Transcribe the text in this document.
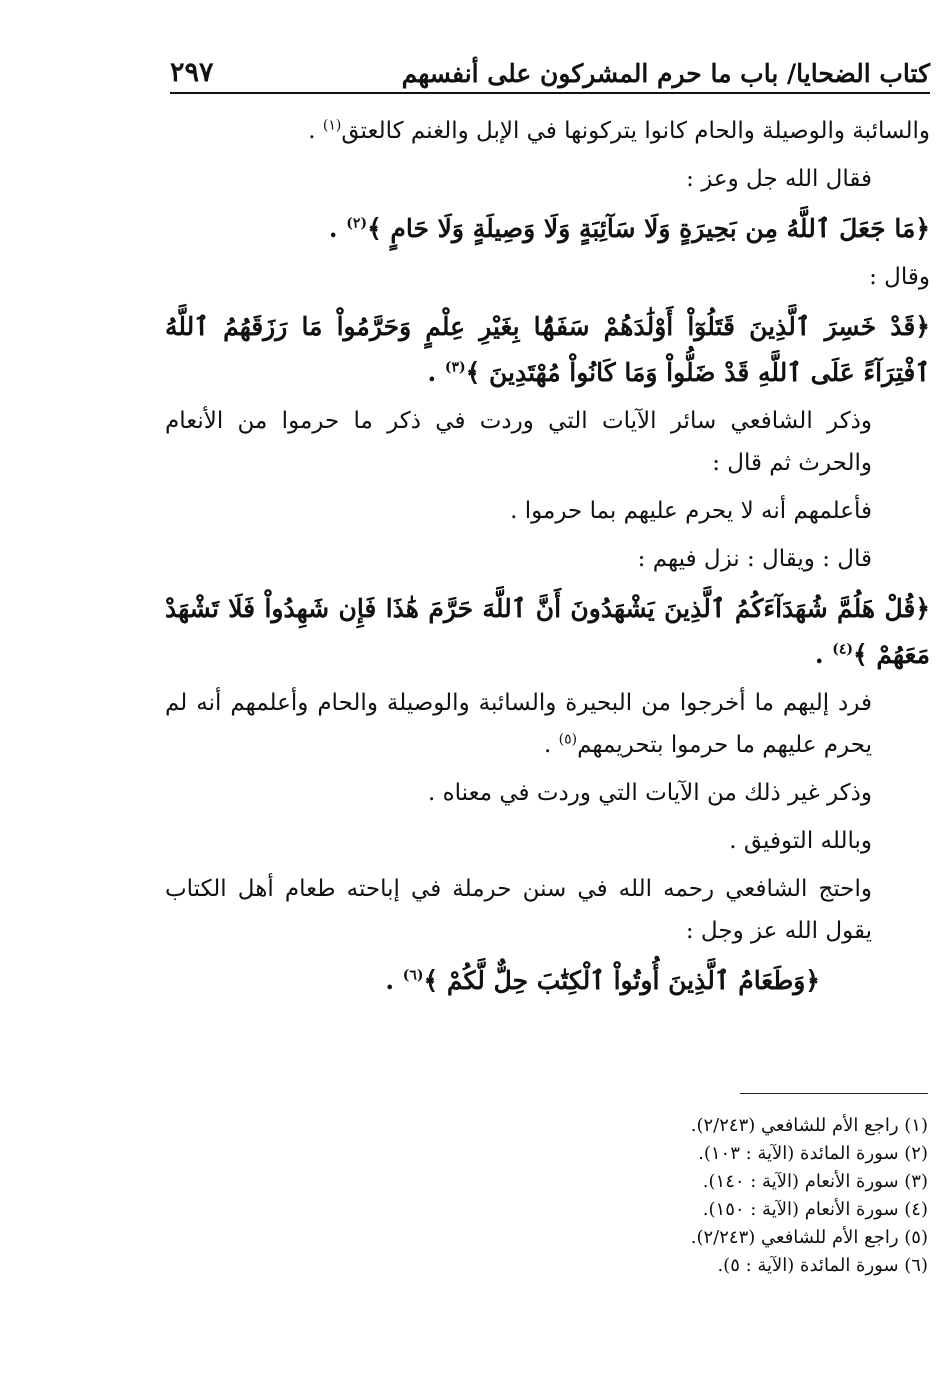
كتاب الضحايا/ باب ما حرم المشركون على أنفسهم
٢٩٧

والسائبة والوصيلة والحام كانوا يتركونها في الإبل والغنم كالعتق$^{(١)}$ .

فقال الله جل وعز :

﴿مَا جَعَلَ ٱللَّهُ مِن بَحِيرَةٍ وَلَا سَآئِبَةٍ وَلَا وَصِيلَةٍ وَلَا حَامٍ ﴾$^{(٢)}$ .

وقال :

﴿قَدْ خَسِرَ ٱلَّذِينَ قَتَلُوٓاْ أَوْلَٰدَهُمْ سَفَهًۢا بِغَيْرِ عِلْمٍ وَحَرَّمُواْ مَا رَزَقَهُمُ ٱللَّهُ ٱفْتِرَآءً عَلَى ٱللَّهِ قَدْ ضَلُّواْ وَمَا كَانُواْ مُهْتَدِينَ ﴾$^{(٣)}$ .

وذكر الشافعي سائر الآيات التي وردت في ذكر ما حرموا من الأنعام والحرث ثم قال :

فأعلمهم أنه لا يحرم عليهم بما حرموا .

قال : ويقال : نزل فيهم :

﴿قُلْ هَلُمَّ شُهَدَآءَكُمُ ٱلَّذِينَ يَشْهَدُونَ أَنَّ ٱللَّهَ حَرَّمَ هَٰذَا فَإِن شَهِدُواْ فَلَا تَشْهَدْ مَعَهُمْ ﴾$^{(٤)}$ .

فرد إليهم ما أخرجوا من البحيرة والسائبة والوصيلة والحام وأعلمهم أنه لم يحرم عليهم ما حرموا بتحريمهم$^{(٥)}$ .

وذكر غير ذلك من الآيات التي وردت في معناه .

وبالله التوفيق .

واحتج الشافعي رحمه الله في سنن حرملة في إباحته طعام أهل الكتاب يقول الله عز وجل :

﴿وَطَعَامُ ٱلَّذِينَ أُوتُواْ ٱلْكِتَٰبَ حِلٌّ لَّكُمْ ﴾$^{(٦)}$ .

(١) راجع الأم للشافعي (٢/٢٤٣).
(٢) سورة المائدة (الآية : ١٠٣).
(٣) سورة الأنعام (الآية : ١٤٠).
(٤) سورة الأنعام (الآية : ١٥٠).
(٥) راجع الأم للشافعي (٢/٢٤٣).
(٦) سورة المائدة (الآية : ٥).
